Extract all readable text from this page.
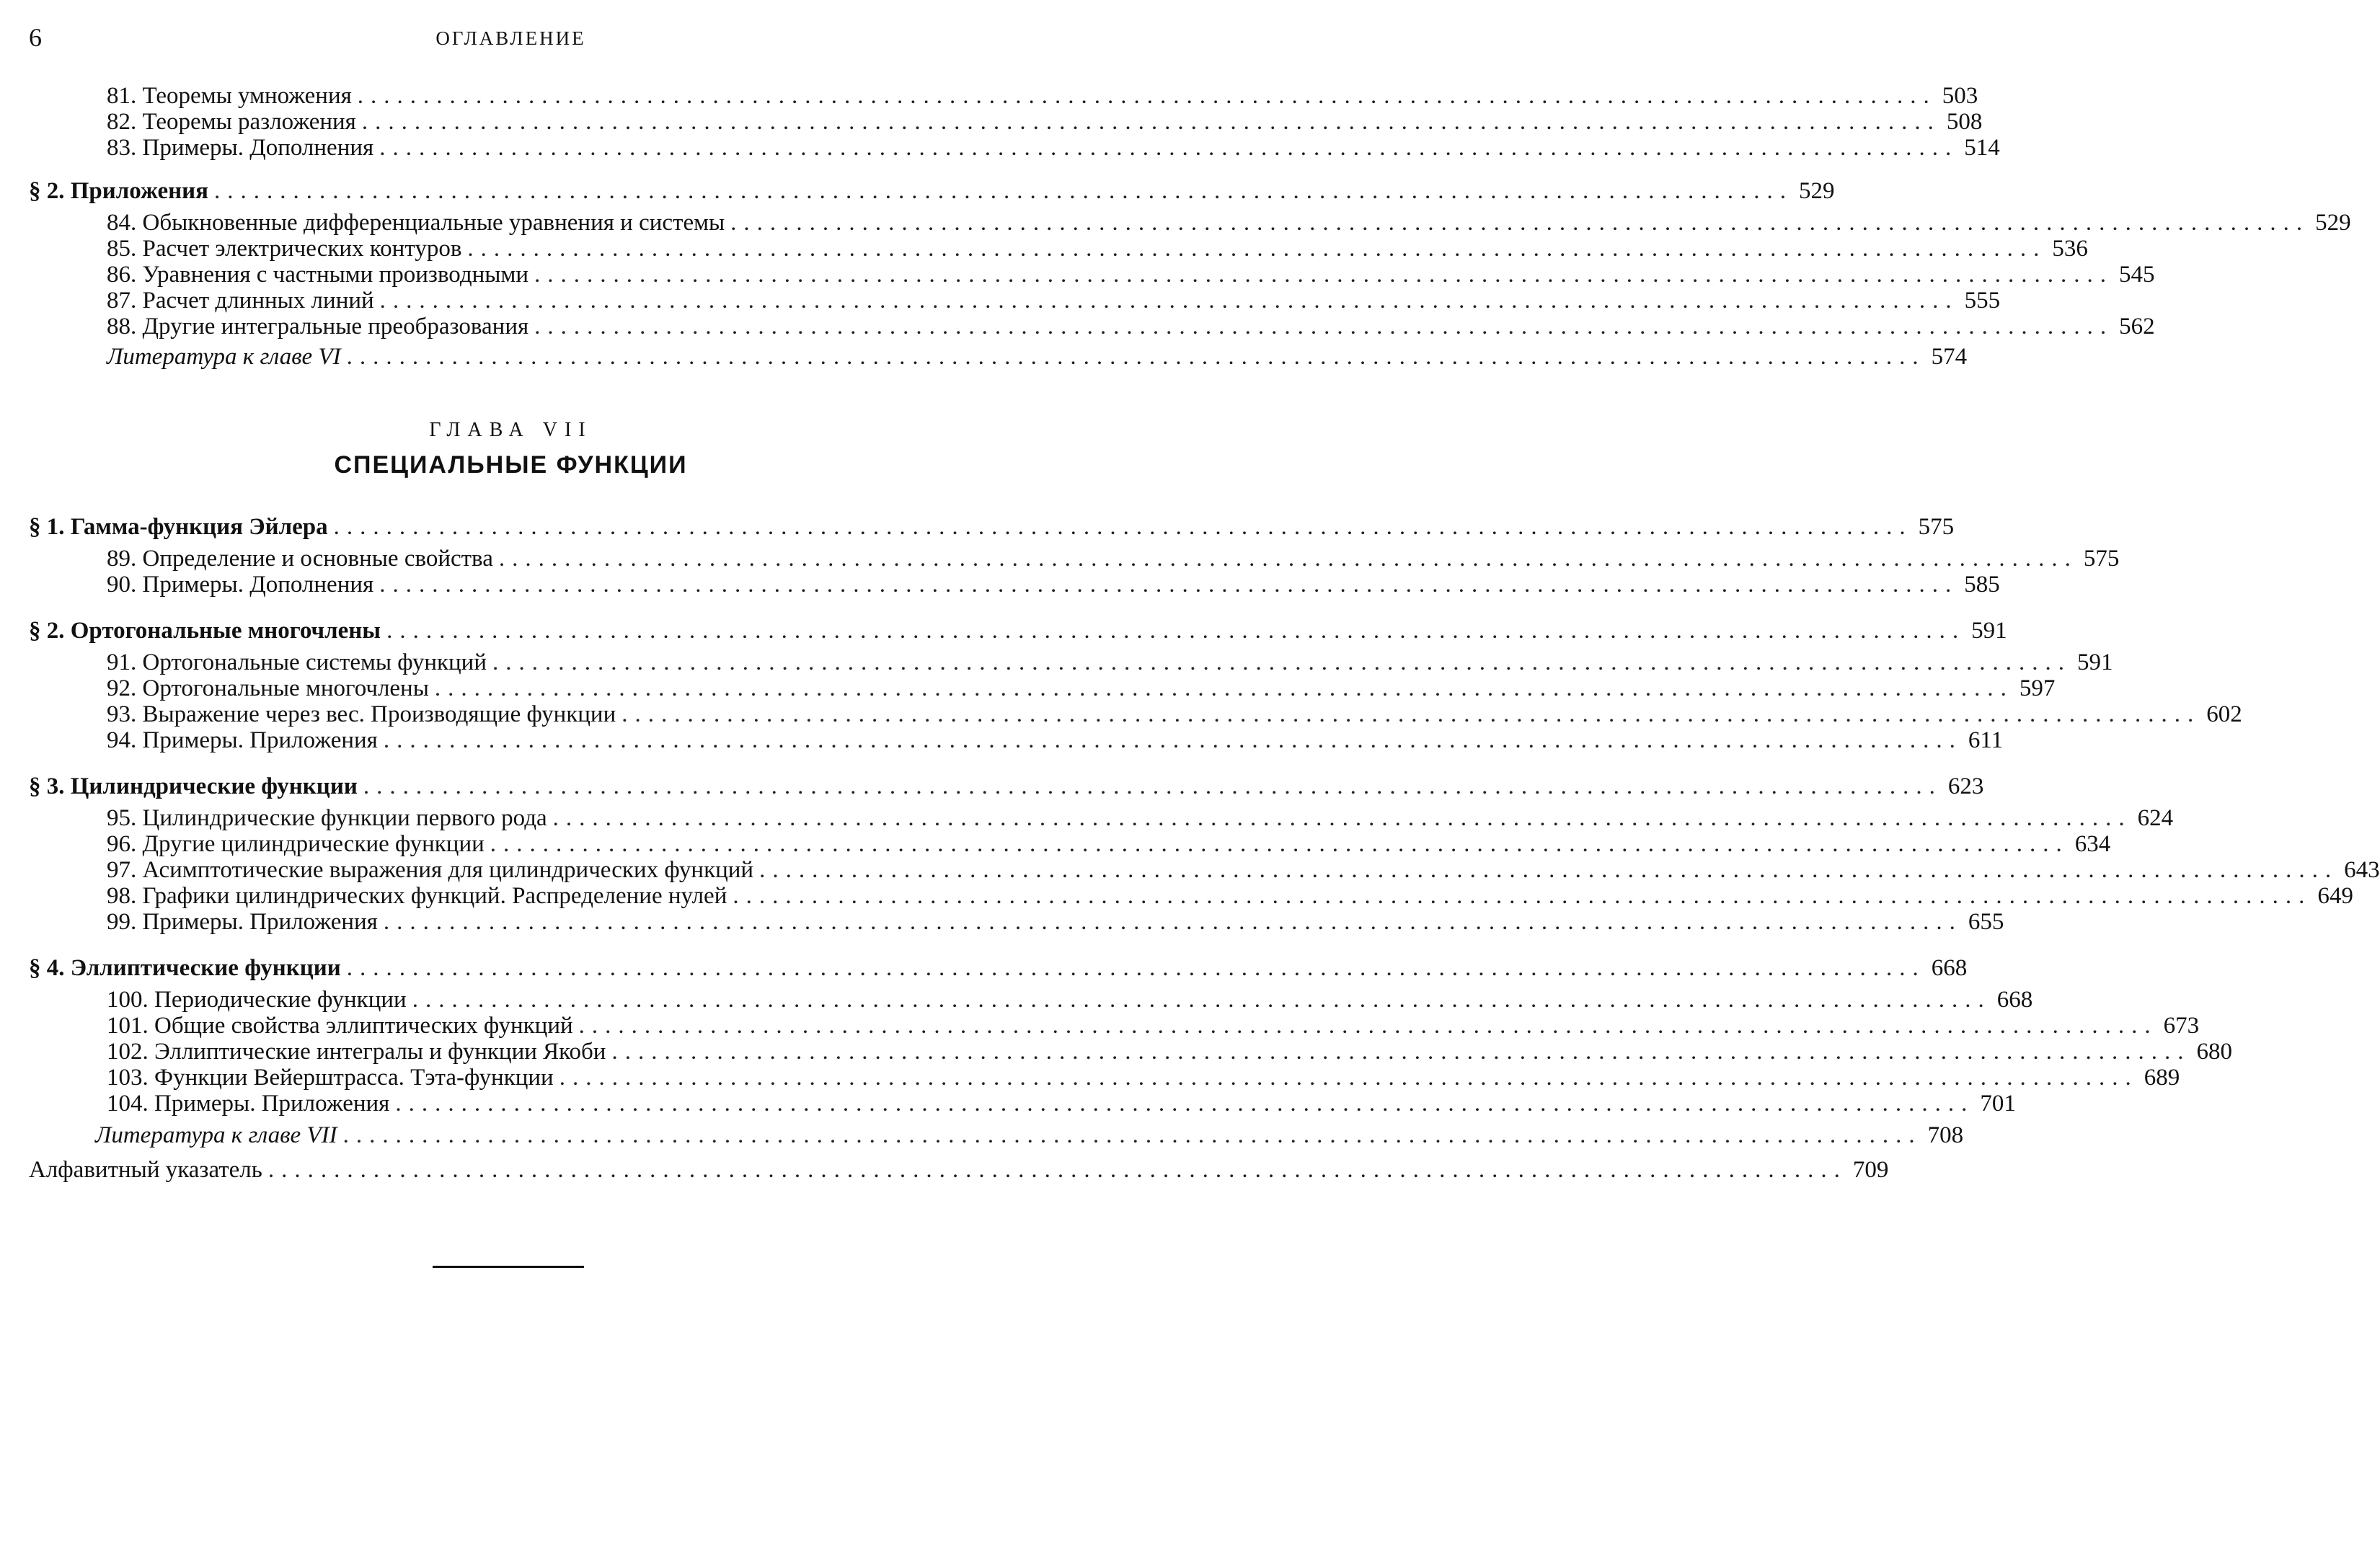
6	ОГЛАВЛЕНИЕ
ГЛАВА VII
СПЕЦИАЛЬНЫЕ ФУНКЦИИ
81. Теоремы умножения ........................................................................................................................ 503
82. Теоремы разложения ........................................................................................................................ 508
83. Примеры. Дополнения ........................................................................................................................ 514
§ 2. Приложения ........................................................................................................................ 529
84. Обыкновенные дифференциальные уравнения и системы ........................................................................................................................ 529
85. Расчет электрических контуров ........................................................................................................................ 536
86. Уравнения с частными производными ........................................................................................................................ 545
87. Расчет длинных линий ........................................................................................................................ 555
88. Другие интегральные преобразования ........................................................................................................................ 562
Литература к главе VI ........................................................................................................................ 574
§ 1. Гамма-функция Эйлера ........................................................................................................................ 575
89. Определение и основные свойства ........................................................................................................................ 575
90. Примеры. Дополнения ........................................................................................................................ 585
§ 2. Ортогональные многочлены ........................................................................................................................ 591
91. Ортогональные системы функций ........................................................................................................................ 591
92. Ортогональные многочлены ........................................................................................................................ 597
93. Выражение через вес. Производящие функции ........................................................................................................................ 602
94. Примеры. Приложения ........................................................................................................................ 611
§ 3. Цилиндрические функции ........................................................................................................................ 623
95. Цилиндрические функции первого рода ........................................................................................................................ 624
96. Другие цилиндрические функции ........................................................................................................................ 634
97. Асимптотические выражения для цилиндрических функций ........................................................................................................................ 643
98. Графики цилиндрических функций. Распределение нулей ........................................................................................................................ 649
99. Примеры. Приложения ........................................................................................................................ 655
§ 4. Эллиптические функции ........................................................................................................................ 668
100. Периодические функции ........................................................................................................................ 668
101. Общие свойства эллиптических функций ........................................................................................................................ 673
102. Эллиптические интегралы и функции Якоби ........................................................................................................................ 680
103. Функции Вейерштрасса. Тэта-функции ........................................................................................................................ 689
104. Примеры. Приложения ........................................................................................................................ 701
Литература к главе VII ........................................................................................................................ 708
Алфавитный указатель ........................................................................................................................ 709
